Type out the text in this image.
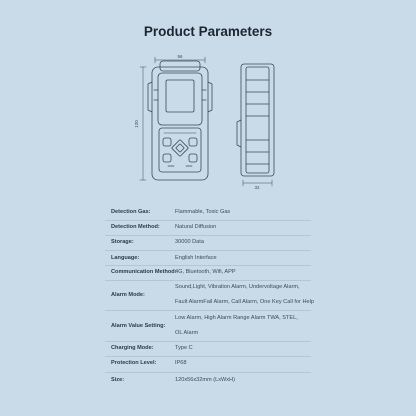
Product Parameters
56
120
32
Detection Gas:	Flammable, Toxic Gas
Detection Method:	Natural Diffusion
Storage:	30000 Data
Language:	English Interface
Communication Method:
4G, Bluetooth, Wifi, APP
Alarm Mode:
Sound,Light, Vibration Alarm, Undervoltage Alarm,
Fault AlarmFail Alarm, Call Alarm, One Key Call for Help
Alarm Value Setting:
Low Alarm, High Alarm Range Alarm TWA, STEL,
OL Alarm
Charging Mode:	Type C
Protection Level:	IP68
Size:	120x56x32mm (LxWxH)
